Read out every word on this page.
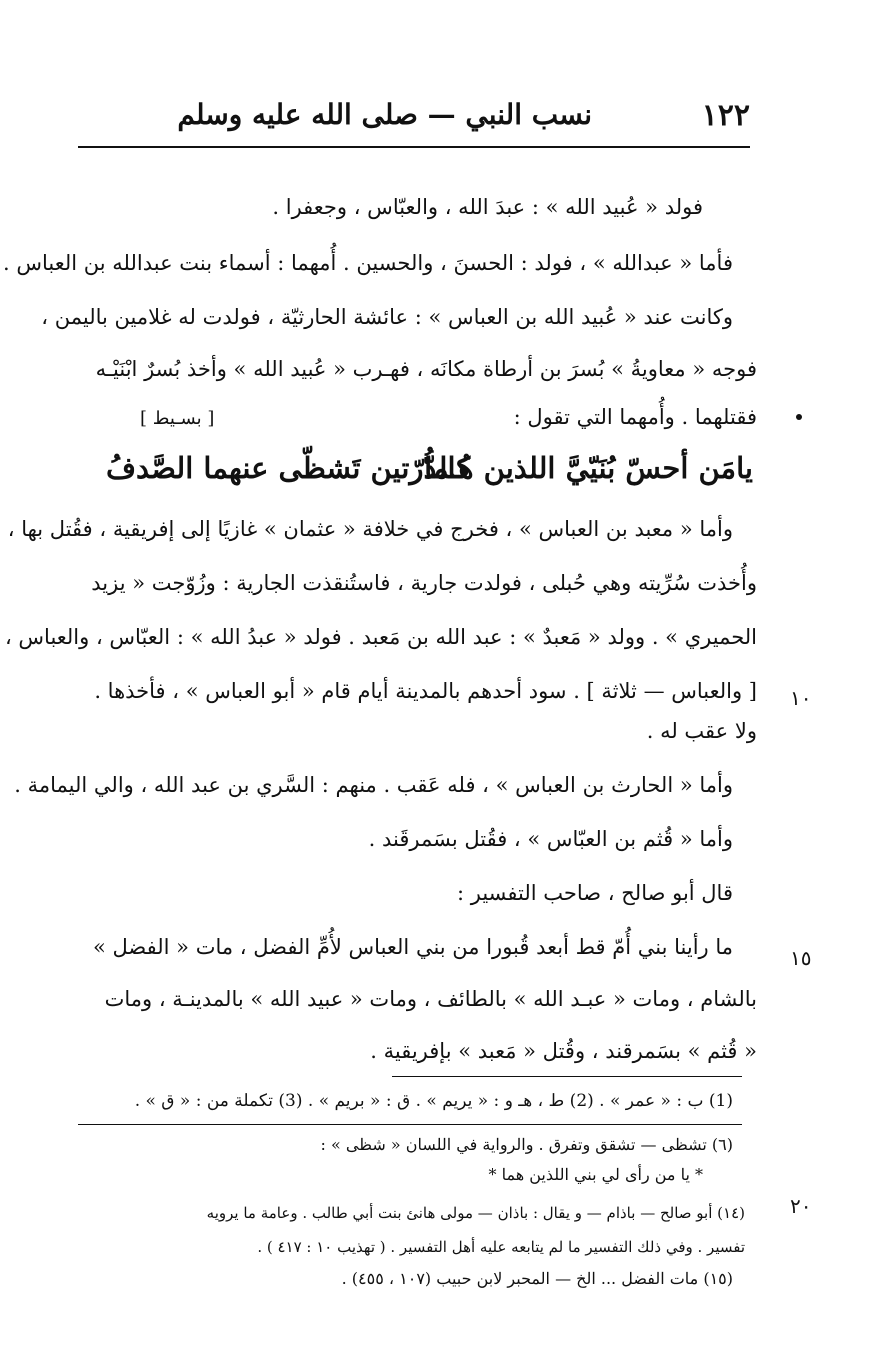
١٢٢
نسب النبي — صلى الله عليه وسلم
فولد « عُبيد الله » : عبدَ الله ، والعبّاس ، وجعفرا .
فأما « عبدالله » ، فولد : الحسنَ ، والحسين . أُمهما : أسماء بنت عبدالله بن العباس .
وكانت عند « عُبيد الله بن العباس » : عائشة الحارثيّة ، فولدت له غلامين باليمن ،
فوجه « معاويةُ » بُسرَ بن أرطاة مكانَه ، فهـرب « عُبيد الله » وأخذ بُسرٌ ابْنَيْـه
فقتلهما . وأُمهما التي تقول :
[ بسـيط ]
يامَن أحسّ بُنَيّيَّ اللذين هُـما
كالدُّرّتين تَشظّى عنهما الصَّدفُ
وأما « معبد بن العباس » ، فخرج في خلافة « عثمان » غازيًا إلى إفريقية ، فقُتل بها ،
وأُخذت سُرِّيته وهي حُبلى ، فولدت جارية ، فاستُنقذت الجارية : وزُوّجت « يزيد
الحميري » . وولد « مَعبدٌ » : عبد الله بن مَعبد . فولد « عبدُ الله » : العبّاس ، والعباس ،
[ والعباس — ثلاثة ] . سود أحدهم بالمدينة أيام قام « أبو العباس » ، فأخذها .
ولا عقب له .
وأما « الحارث بن العباس » ، فله عَقب . منهم : السَّري بن عبد الله ، والي اليمامة .
وأما « قُثم بن العبّاس » ، فقُتل بسَمرقَند .
قال أبو صالح ، صاحب التفسير :
ما رأينا بني أُمّ قط أبعد قُبورا من بني العباس لأُمِّ الفضل ، مات « الفضل »
بالشام ، ومات « عبـد الله » بالطائف ، ومات « عبيد الله » بالمدينـة ، ومات
« قُثم » بسَمرقند ، وقُتل « مَعبد » بإفريقية .
١٠
١٥
٢٠
(1) ب : « عمر » . (2) ط ، هـ و : « يريم » . ق : « بريم » . (3) تكملة من : « ق » .
(٦) تشظى — تشقق وتفرق . والرواية في اللسان « شظى » :
* يا من رأى لي بني اللذين هما *
(١٤) أبو صالح — باذام — و يقال : باذان — مولى هانئ بنت أبي طالب . وعامة ما يرويه
تفسير . وفي ذلك التفسير ما لم يتابعه عليه أهل التفسير . ( تهذيب ١٠ : ٤١٧ ) .
(١٥) مات الفضل ... الخ — المحبر لابن حبيب (١٠٧ ، ٤٥٥) .
